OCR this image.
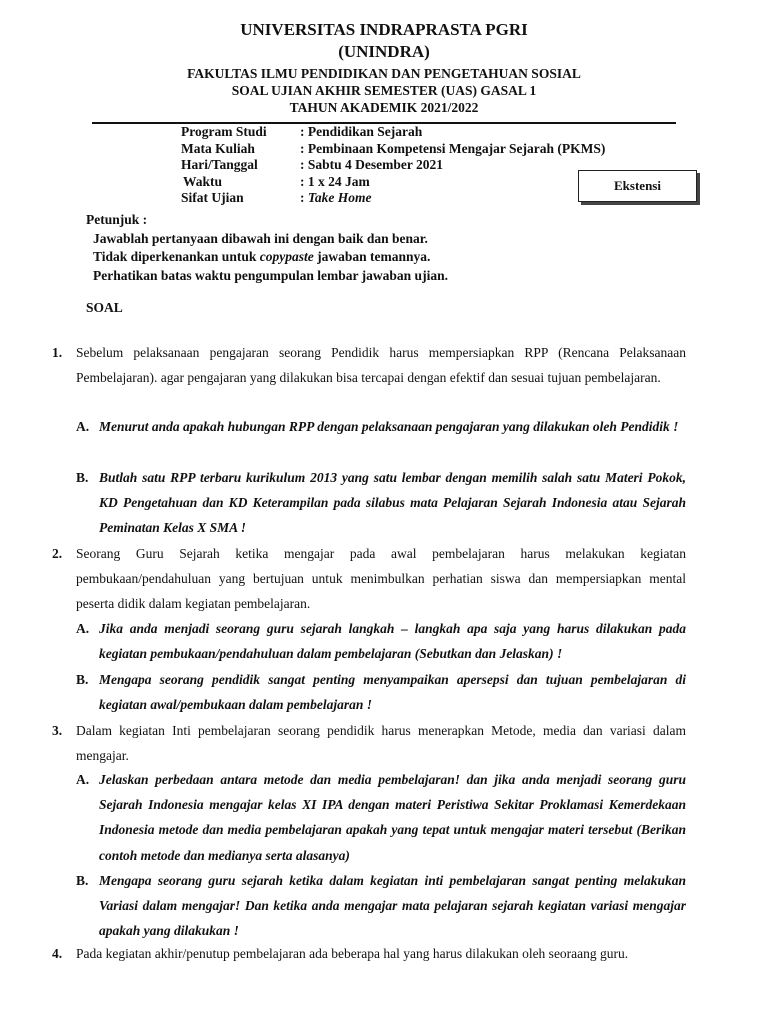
UNIVERSITAS INDRAPRASTA PGRI
(UNINDRA)
FAKULTAS ILMU PENDIDIKAN DAN PENGETAHUAN SOSIAL
SOAL UJIAN AKHIR SEMESTER (UAS) GASAL 1
TAHUN AKADEMIK 2021/2022
Program Studi : Pendidikan Sejarah
Mata Kuliah	: Pembinaan Kompetensi Mengajar Sejarah (PKMS)
Hari/Tanggal	: Sabtu 4 Desember 2021
Waktu	: 1 x 24 Jam
Sifat Ujian	: Take Home
Ekstensi
Petunjuk :
Jawablah pertanyaan dibawah ini dengan baik dan benar.
Tidak diperkenankan untuk copypaste jawaban temannya.
Perhatikan batas waktu pengumpulan lembar jawaban ujian.
SOAL
1. Sebelum pelaksanaan pengajaran seorang Pendidik harus mempersiapkan RPP (Rencana Pelaksanaan Pembelajaran). agar pengajaran yang dilakukan bisa tercapai dengan efektif dan sesuai tujuan pembelajaran.
A. Menurut anda apakah hubungan RPP dengan pelaksanaan pengajaran yang dilakukan oleh Pendidik !
B. Butlah satu RPP terbaru kurikulum 2013 yang satu lembar dengan memilih salah satu Materi Pokok, KD Pengetahuan dan KD Keterampilan pada silabus mata Pelajaran Sejarah Indonesia atau Sejarah Peminatan Kelas X SMA !
2. Seorang Guru Sejarah ketika mengajar pada awal pembelajaran harus melakukan kegiatan pembukaan/pendahuluan yang bertujuan untuk menimbulkan perhatian siswa dan mempersiapkan mental peserta didik dalam kegiatan pembelajaran.
A. Jika anda menjadi seorang guru sejarah langkah – langkah apa saja yang harus dilakukan pada kegiatan pembukaan/pendahuluan dalam pembelajaran (Sebutkan dan Jelaskan) !
B. Mengapa seorang pendidik sangat penting menyampaikan apersepsi dan tujuan pembelajaran di kegiatan awal/pembukaan dalam pembelajaran !
3. Dalam kegiatan Inti pembelajaran seorang pendidik harus menerapkan Metode, media dan variasi dalam mengajar.
A. Jelaskan perbedaan antara metode dan media pembelajaran! dan jika anda menjadi seorang guru Sejarah Indonesia mengajar kelas XI IPA dengan materi Peristiwa Sekitar Proklamasi Kemerdekaan Indonesia metode dan media pembelajaran apakah yang tepat untuk mengajar materi tersebut (Berikan contoh metode dan medianya serta alasanya)
B. Mengapa seorang guru sejarah ketika dalam kegiatan inti pembelajaran sangat penting melakukan Variasi dalam mengajar! Dan ketika anda mengajar mata pelajaran sejarah kegiatan variasi mengajar apakah yang dilakukan !
4. Pada kegiatan akhir/penutup pembelajaran ada beberapa hal yang harus dilakukan oleh seoraang guru.
